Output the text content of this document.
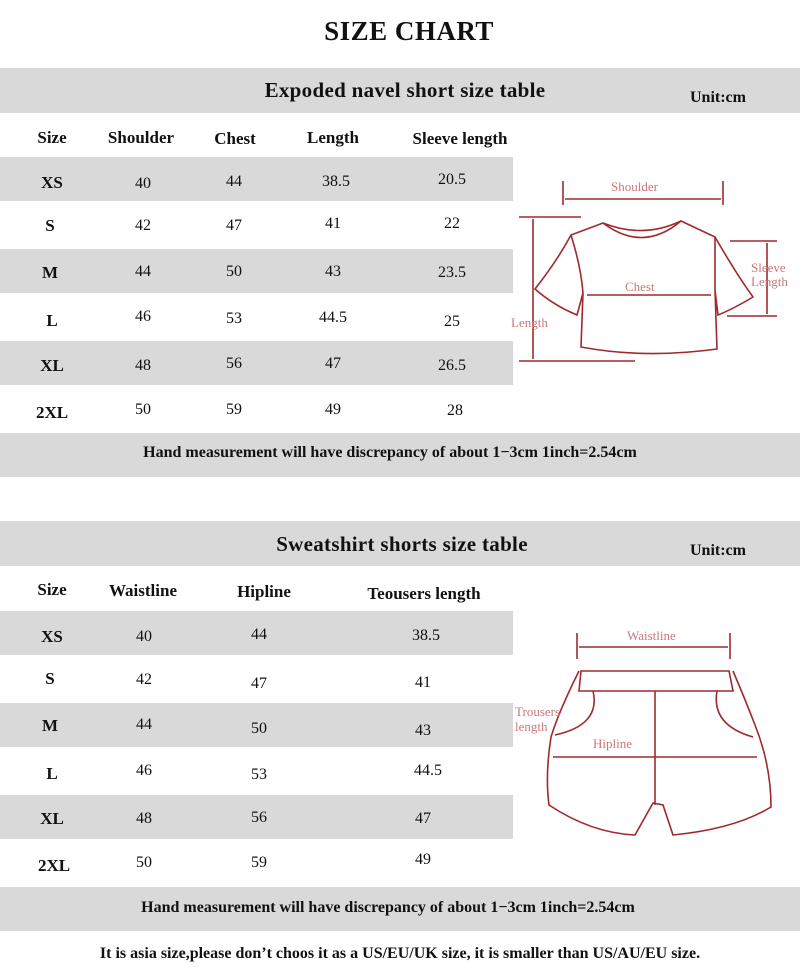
SIZE CHART
Expoded navel short size table	Unit:cm
Size	Shoulder	Chest	Length	Sleeve length
XS	40	44	38.5	20.5
S	42	47	41	22
M	44	50	43	23.5
L	46	53	44.5	25
XL	48	56	47	26.5
2XL	50	59	49	28
Shoulder
Chest
Length
Sleeve
Length
Hand measurement will have discrepancy of about 1−3cm 1inch=2.54cm
Sweatshirt shorts size table	Unit:cm
Size	Waistline	Hipline	Teousers length
XS	40	44	38.5
S	42	47	41
M	44	50	43
L	46	53	44.5
XL	48	56	47
2XL	50	59	49
Waistline
Hipline
Trousers
length
Hand measurement will have discrepancy of about 1−3cm 1inch=2.54cm
It is asia size,please don’t choos it as a US/EU/UK size, it is smaller than US/AU/EU size.
